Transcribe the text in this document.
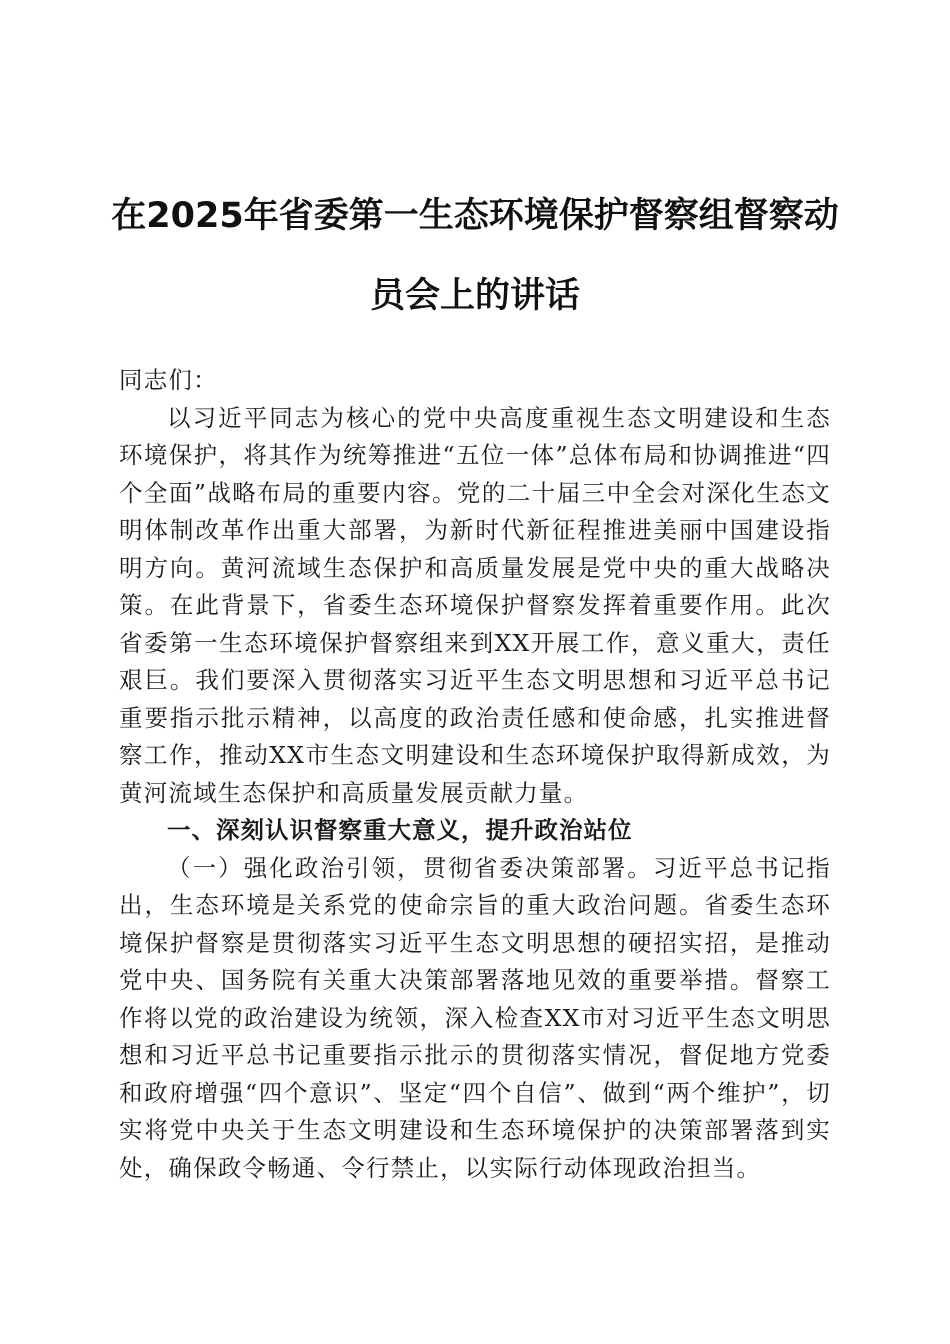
在2025年省委第一生态环境保护督察组督察动员会上的讲话

同志们：

以习近平同志为核心的党中央高度重视生态文明建设和生态环境保护，将其作为统筹推进“五位一体”总体布局和协调推进“四个全面”战略布局的重要内容。党的二十届三中全会对深化生态文明体制改革作出重大部署，为新时代新征程推进美丽中国建设指明方向。黄河流域生态保护和高质量发展是党中央的重大战略决策。在此背景下，省委生态环境保护督察发挥着重要作用。此次省委第一生态环境保护督察组来到XX开展工作，意义重大，责任艰巨。我们要深入贯彻落实习近平生态文明思想和习近平总书记重要指示批示精神，以高度的政治责任感和使命感，扎实推进督察工作，推动XX市生态文明建设和生态环境保护取得新成效，为黄河流域生态保护和高质量发展贡献力量。

一、深刻认识督察重大意义，提升政治站位

（一）强化政治引领，贯彻省委决策部署。习近平总书记指出，生态环境是关系党的使命宗旨的重大政治问题。省委生态环境保护督察是贯彻落实习近平生态文明思想的硬招实招，是推动党中央、国务院有关重大决策部署落地见效的重要举措。督察工作将以党的政治建设为统领，深入检查XX市对习近平生态文明思想和习近平总书记重要指示批示的贯彻落实情况，督促地方党委和政府增强“四个意识”、坚定“四个自信”、做到“两个维护”，切实将党中央关于生态文明建设和生态环境保护的决策部署落到实处，确保政令畅通、令行禁止，以实际行动体现政治担当。
